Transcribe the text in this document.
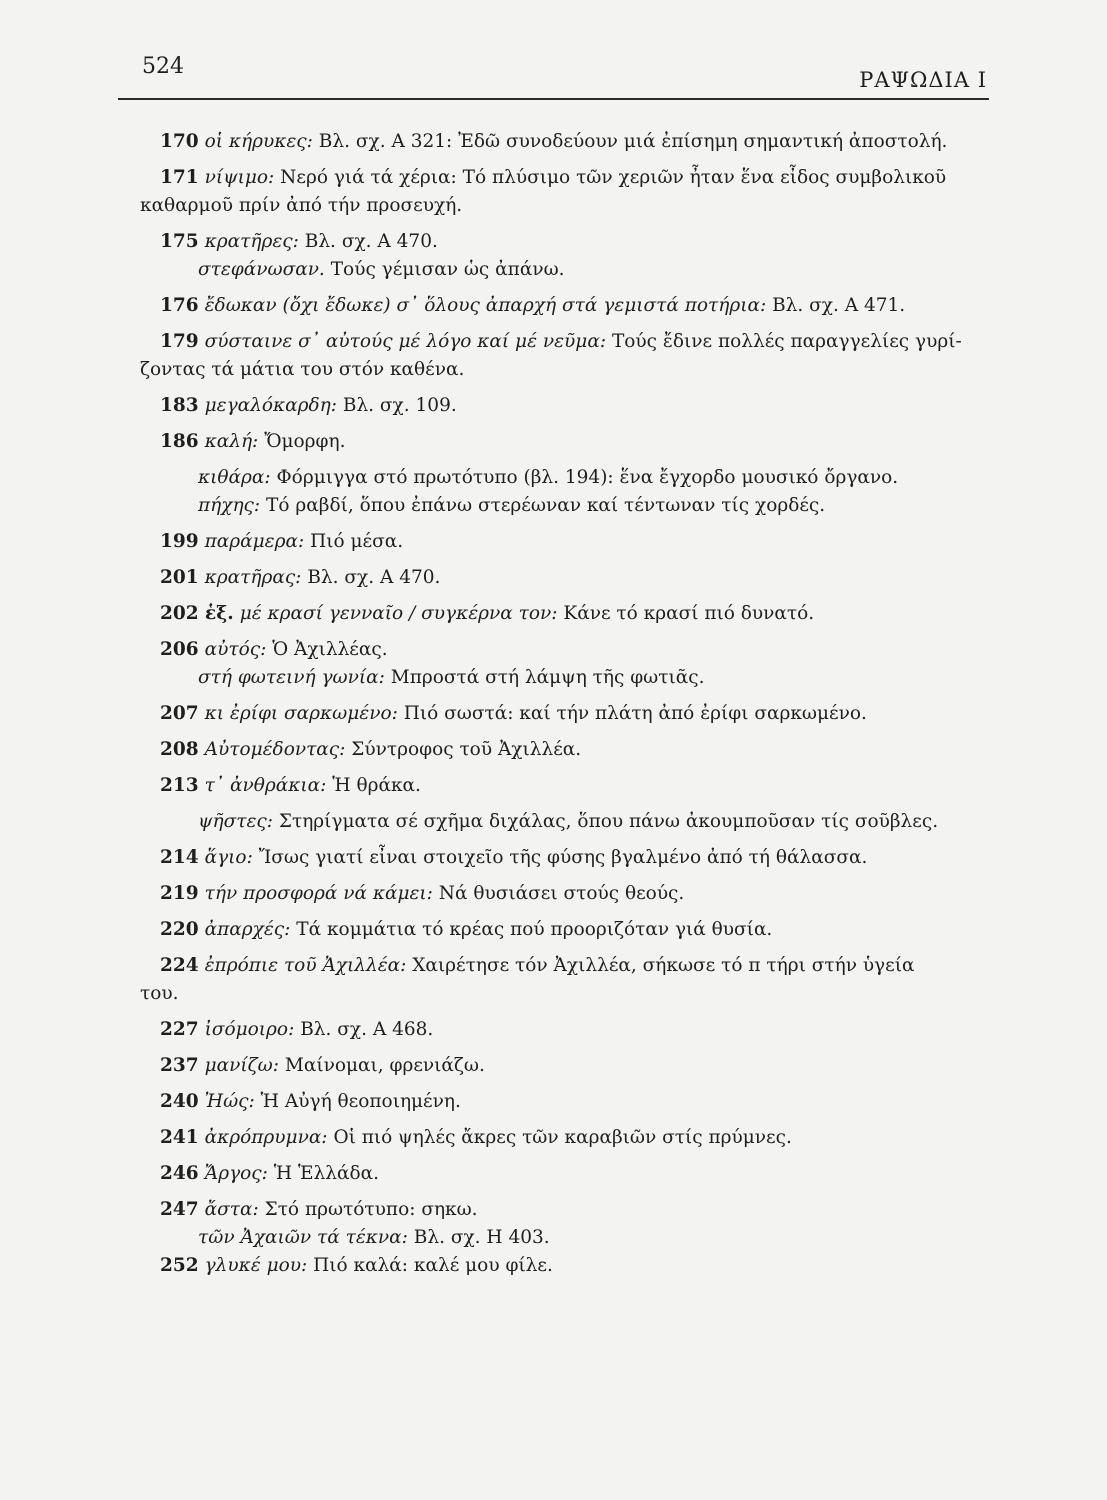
524
ΡΑΨΩΔΙΑ Ι
170 οἱ κήρυκες: Βλ. σχ. Α 321: Ἐδῶ συνοδεύουν μιά ἐπίσημη σημαντική ἀποστολή.
171 νίψιμο: Νερό γιά τά χέρια: Τό πλύσιμο τῶν χεριῶν ἦταν ἕνα εἶδος συμβολικοῦ
καθαρμοῦ πρίν ἀπό τήν προσευχή.
175 κρατῆρες: Βλ. σχ. Α 470.
στεφάνωσαν. Τούς γέμισαν ὡς ἀπάνω.
176 ἔδωκαν (ὄχι ἔδωκε) σ᾿ ὅλους ἀπαρχή στά γεμιστά ποτήρια: Βλ. σχ. Α 471.
179 σύσταινε σ᾿ αὐτούς μέ λόγο καί μέ νεῦμα: Τούς ἔδινε πολλές παραγγελίες γυρί-
ζοντας τά μάτια του στόν καθένα.
183 μεγαλόκαρδη: Βλ. σχ. 109.
186 καλή: Ὄμορφη.
κιθάρα: Φόρμιγγα στό πρωτότυπο (βλ. 194): ἕνα ἔγχορδο μουσικό ὄργανο.
πήχης: Τό ραβδί, ὅπου ἐπάνω στερέωναν καί τέντωναν τίς χορδές.
199 παράμερα: Πιό μέσα.
201 κρατῆρας: Βλ. σχ. Α 470.
202 ἑξ. μέ κρασί γενναῖο / συγκέρνα τον: Κάνε τό κρασί πιό δυνατό.
206 αὐτός: Ὁ Ἀχιλλέας.
στή φωτεινή γωνία: Μπροστά στή λάμψη τῆς φωτιᾶς.
207 κι ἐρίφι σαρκωμένο: Πιό σωστά: καί τήν πλάτη ἀπό ἐρίφι σαρκωμένο.
208 Αὐτομέδοντας: Σύντροφος τοῦ Ἀχιλλέα.
213 τ᾿ ἀνθράκια: Ἡ θράκα.
ψῆστες: Στηρίγματα σέ σχῆμα διχάλας, ὅπου πάνω ἀκουμποῦσαν τίς σοῦβλες.
214 ἅγιο: Ἴσως γιατί εἶναι στοιχεῖο τῆς φύσης βγαλμένο ἀπό τή θάλασσα.
219 τήν προσφορά νά κάμει: Νά θυσιάσει στούς θεούς.
220 ἀπαρχές: Τά κομμάτια τό κρέας πού προοριζόταν γιά θυσία.
224 ἐπρόπιε τοῦ Ἀχιλλέα: Χαιρέτησε τόν Ἀχιλλέα, σήκωσε τό π τήρι στήν ὑγεία
του.
227 ἰσόμοιρο: Βλ. σχ. Α 468.
237 μανίζω: Μαίνομαι, φρενιάζω.
240 Ἠώς: Ἡ Αὐγή θεοποιημένη.
241 ἀκρόπρυμνα: Οἱ πιό ψηλές ἄκρες τῶν καραβιῶν στίς πρύμνες.
246 Ἄργος: Ἡ Ἑλλάδα.
247 ἄστα: Στό πρωτότυπο: σηκω.
τῶν Ἀχαιῶν τά τέκνα: Βλ. σχ. Η 403.
252 γλυκέ μου: Πιό καλά: καλέ μου φίλε.
